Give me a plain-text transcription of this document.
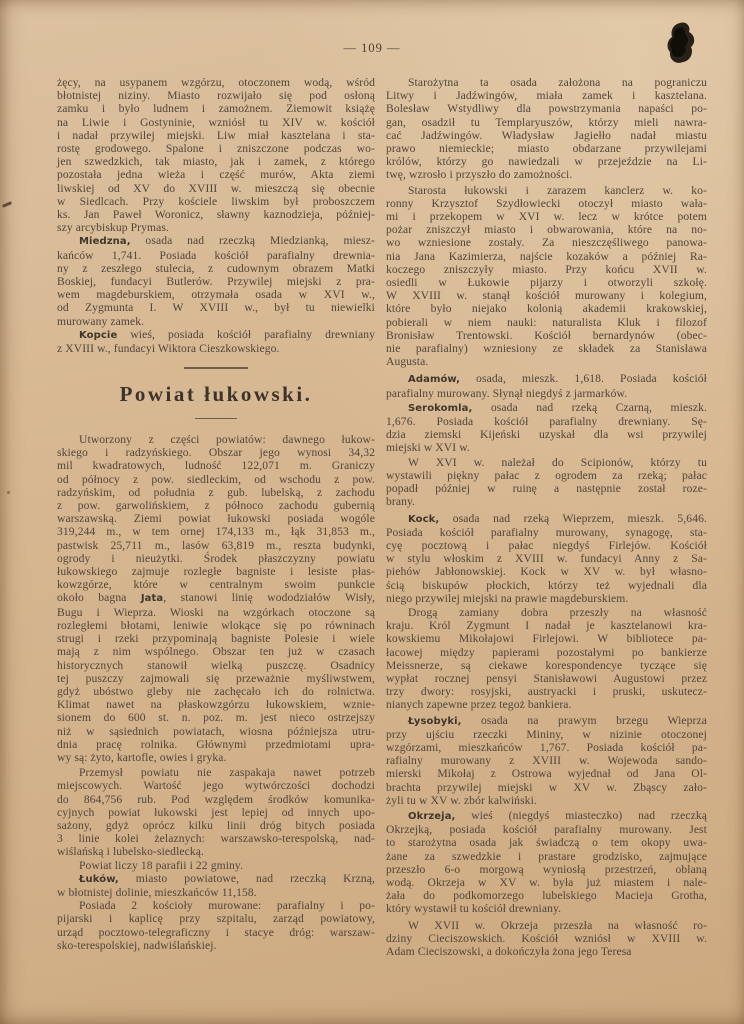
— 109 —
żęcy, na usypanem wzgórzu, otoczonem wodą, wśród
błotnistej niziny. Miasto rozwijało się pod osłoną
zamku i było ludnem i zamożnem. Ziemowit książę
na Liwie i Gostyninie, wzniósł tu XIV w. kościół
i nadał przywilej miejski. Liw miał kasztelana i sta-
rostę grodowego. Spalone i zniszczone podczas wo-
jen szwedzkich, tak miasto, jak i zamek, z którego
pozostała jedna wieża i część murów, Akta ziemi
liwskiej od XV do XVIII w. mieszczą się obecnie
w Siedlcach. Przy kościele liwskim był proboszczem
ks. Jan Paweł Woronicz, sławny kaznodzieja, później-
szy arcybiskup Prymas.
Miedzna, osada nad rzeczką Miedzianką, miesz-
kańców 1,741. Posiada kościół parafialny drewnia-
ny z zeszłego stulecia, z cudownym obrazem Matki
Boskiej, fundacyi Butlerów. Przywilej miejski z pra-
wem magdeburskiem, otrzymała osada w XVI w.,
od Zygmunta I. W XVIII w., był tu niewielki
murowany zamek.
Kopcie wieś, posiada kościół parafialny drewniany
z XVIII w., fundacyi Wiktora Cieszkowskiego.
Powiat łukowski.
Utworzony z części powiatów: dawnego łukow-
skiego i radzyńskiego. Obszar jego wynosi 34,32
mil kwadratowych, ludność 122,071 m. Graniczy
od północy z pow. siedleckim, od wschodu z pow.
radzyńskim, od południa z gub. lubelską, z zachodu
z pow. garwolińskiem, z północo zachodu gubernią
warszawską. Ziemi powiat łukowski posiada wogóle
319,244 m., w tem ornej 174,133 m., łąk 31,853 m.,
pastwisk 25,711 m., lasów 63,819 m., reszta budynki,
ogrody i nieużytki. Środek płaszczyzny powiatu
łukowskiego zajmuje rozległe bagniste i lesiste płas-
kowzgórze, które w centralnym swoim punkcie
około bagna Jata, stanowi linię wododziałów Wisły,
Bugu i Wieprza. Wioski na wzgórkach otoczone są
rozległemi błotami, leniwie wlokące się po równinach
strugi i rzeki przypominają bagniste Polesie i wiele
mają z nim wspólnego. Obszar ten już w czasach
historycznych stanowił wielką puszczę. Osadnicy
tej puszczy zajmowali się przeważnie myśliwstwem,
gdyż ubóstwo gleby nie zachęcało ich do rolnictwa.
Klimat nawet na płaskowzgórzu łukowskiem, wznie-
sionem do 600 st. n. poz. m. jest nieco ostrzejszy
niż w sąsiednich powiatach, wiosna późniejsza utru-
dnia pracę rolnika. Głównymi przedmiotami upra-
wy są: żyto, kartofle, owies i gryka.
Przemysł powiatu nie zaspakaja nawet potrzeb
miejscowych. Wartość jego wytwórczości dochodzi
do 864,756 rub. Pod względem środków komunika-
cyjnych powiat łukowski jest lepiej od innych upo-
sażony, gdyż oprócz kilku linii dróg bitych posiada
3 linie kolei żelaznych: warszawsko-terespolską, nad-
wiślańską i lubelsko-siedlecką.
Powiat liczy 18 parafii i 22 gminy.
Łuków, miasto powiatowe, nad rzeczką Krzną,
w błotnistej dolinie, mieszkańców 11,158.
Posiada 2 kościoły murowane: parafialny i po-
pijarski i kaplicę przy szpitalu, zarząd powiatowy,
urząd pocztowo-telegraficzny i stacye dróg: warszaw-
sko-terespolskiej, nadwiślańskiej.
Starożytna ta osada założona na pograniczu
Litwy i Jadźwingów, miała zamek i kasztelana.
Bolesław Wstydliwy dla powstrzymania napaści po-
gan, osadził tu Templaryuszów, którzy mieli nawra-
cać Jadźwingów. Władysław Jagiełło nadał miastu
prawo niemieckie; miasto obdarzane przywilejami
królów, którzy go nawiedzali w przejeździe na Li-
twę, wzrosło i przyszło do zamożności.
Starosta łukowski i zarazem kanclerz w. ko-
ronny Krzysztof Szydłowiecki otoczył miasto wała-
mi i przekopem w XVI w. lecz w krótce potem
pożar zniszczył miasto i obwarowania, które na no-
wo wzniesione zostały. Za nieszczęśliwego panowa-
nia Jana Kazimierza, najście kozaków a później Ra-
koczego zniszczyły miasto. Przy końcu XVII w.
osiedli w Łukowie pijarzy i otworzyli szkołę.
W XVIII w. stanął kościół murowany i kolegium,
które było niejako kolonią akademii krakowskiej,
pobierali w niem nauki: naturalista Kluk i filozof
Bronisław Trentowski. Kościół bernardynów (obec-
nie parafialny) wzniesiony ze składek za Stanisława
Augusta.
Adamów, osada, mieszk. 1,618. Posiada kościół
parafialny murowany. Słynął niegdyś z jarmarków.
Serokomla, osada nad rzeką Czarną, mieszk.
1,676. Posiada kościół parafialny drewniany. Sę-
dzia ziemski Kijeński uzyskał dla wsi przywilej
miejski w XVI w.
W XVI w. należał do Scipionów, którzy tu
wystawili piękny pałac z ogrodem za rzeką; pałac
popadł później w ruinę a następnie został roze-
brany.
Kock, osada nad rzeką Wieprzem, mieszk. 5,646.
Posiada kościół parafialny murowany, synagogę, sta-
cyę pocztową i pałac niegdyś Firlejów. Kościół
w stylu włoskim z XVIII w. fundacyi Anny z Sa-
piehów Jabłonowskiej. Kock w XV w. był własno-
ścią biskupów płockich, którzy też wyjednali dla
niego przywilej miejski na prawie magdeburskiem.
Drogą zamiany dobra przeszły na własność
kraju. Król Zygmunt I nadał je kasztelanowi kra-
kowskiemu Mikołajowi Firlejowi. W bibliotece pa-
łacowej między papierami pozostałymi po bankierze
Meissnerze, są ciekawe korespondencye tyczące się
wypłat rocznej pensyi Stanisławowi Augustowi przez
trzy dwory: rosyjski, austryacki i pruski, uskutecz-
nianych zapewne przez tegoż bankiera.
Łysobyki, osada na prawym brzegu Wieprza
przy ujściu rzeczki Mininy, w nizinie otoczonej
wzgórzami, mieszkańców 1,767. Posiada kościół pa-
rafialny murowany z XVIII w. Wojewoda sando-
mierski Mikołaj z Ostrowa wyjednał od Jana Ol-
brachta przywilej miejski w XV w. Zbąscy zało-
żyli tu w XV w. zbór kalwiński.
Okrzeja, wieś (niegdyś miasteczko) nad rzeczką
Okrzejką, posiada kościół parafialny murowany. Jest
to starożytna osada jak świadczą o tem okopy uwa-
żane za szwedzkie i prastare grodzisko, zajmujące
przeszło 6-o morgową wyniosłą przestrzeń, oblaną
wodą. Okrzeja w XV w. była już miastem i nale-
żała do podkomorzego lubelskiego Macieja Grotha,
który wystawił tu kościół drewniany.
W XVII w. Okrzeja przeszła na własność ro-
dziny Cieciszowskich. Kościół wzniósł w XVIII w.
Adam Cieciszowski, a dokończyła żona jego Teresa
